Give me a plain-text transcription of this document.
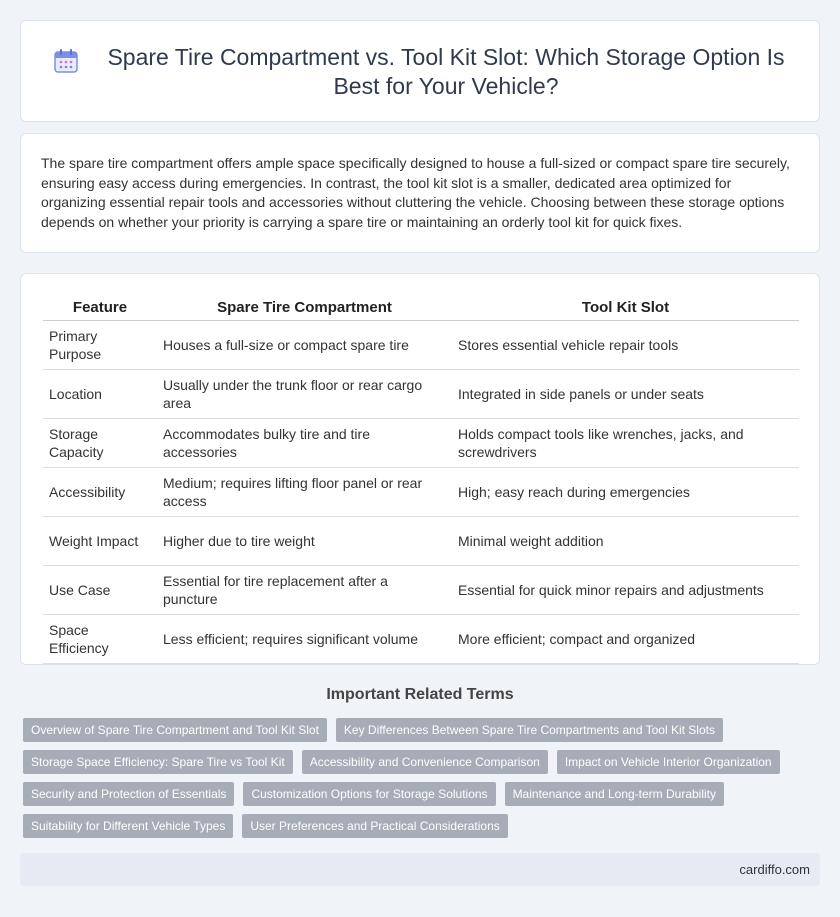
Spare Tire Compartment vs. Tool Kit Slot: Which Storage Option Is Best for Your Vehicle?

The spare tire compartment offers ample space specifically designed to house a full-sized or compact spare tire securely, ensuring easy access during emergencies. In contrast, the tool kit slot is a smaller, dedicated area optimized for organizing essential repair tools and accessories without cluttering the vehicle. Choosing between these storage options depends on whether your priority is carrying a spare tire or maintaining an orderly tool kit for quick fixes.

Feature	Spare Tire Compartment	Tool Kit Slot
Primary Purpose	Houses a full-size or compact spare tire	Stores essential vehicle repair tools
Location	Usually under the trunk floor or rear cargo area	Integrated in side panels or under seats
Storage Capacity	Accommodates bulky tire and tire accessories	Holds compact tools like wrenches, jacks, and screwdrivers
Accessibility	Medium; requires lifting floor panel or rear access	High; easy reach during emergencies
Weight Impact	Higher due to tire weight	Minimal weight addition
Use Case	Essential for tire replacement after a puncture	Essential for quick minor repairs and adjustments
Space Efficiency	Less efficient; requires significant volume	More efficient; compact and organized
Important Related Terms
Overview of Spare Tire Compartment and Tool Kit Slot	Key Differences Between Spare Tire Compartments and Tool Kit Slots
Storage Space Efficiency: Spare Tire vs Tool Kit	Accessibility and Convenience Comparison	Impact on Vehicle Interior Organization
Security and Protection of Essentials	Customization Options for Storage Solutions	Maintenance and Long-term Durability
Suitability for Different Vehicle Types	User Preferences and Practical Considerations
cardiffo.com
